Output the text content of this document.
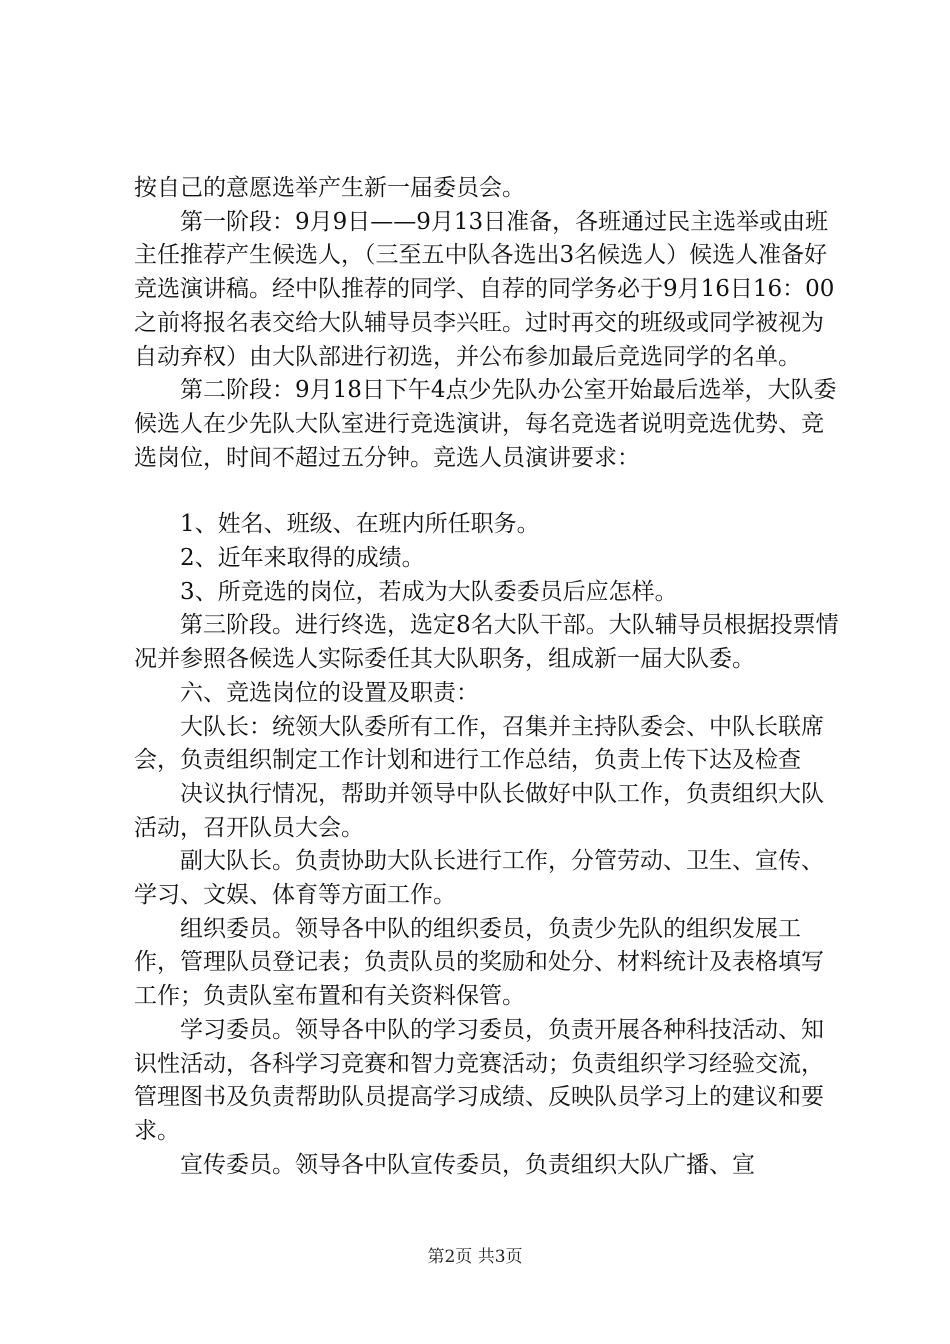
按自己的意愿选举产生新一届委员会。

第一阶段：9月9日——9月13日准备，各班通过民主选举或由班主任推荐产生候选人，（三至五中队各选出3名候选人）候选人准备好竞选演讲稿。经中队推荐的同学、自荐的同学务必于9月16日16：00之前将报名表交给大队辅导员李兴旺。过时再交的班级或同学被视为自动弃权）由大队部进行初选，并公布参加最后竞选同学的名单。

第二阶段：9月18日下午4点少先队办公室开始最后选举，大队委候选人在少先队大队室进行竞选演讲，每名竞选者说明竞选优势、竞选岗位，时间不超过五分钟。竞选人员演讲要求：

1、姓名、班级、在班内所任职务。

2、近年来取得的成绩。

3、所竞选的岗位，若成为大队委委员后应怎样。

第三阶段。进行终选，选定8名大队干部。大队辅导员根据投票情况并参照各候选人实际委任其大队职务，组成新一届大队委。

六、竞选岗位的设置及职责：

大队长：统领大队委所有工作，召集并主持队委会、中队长联席会，负责组织制定工作计划和进行工作总结，负责上传下达及检查

决议执行情况，帮助并领导中队长做好中队工作，负责组织大队活动，召开队员大会。

副大队长。负责协助大队长进行工作，分管劳动、卫生、宣传、学习、文娱、体育等方面工作。

组织委员。领导各中队的组织委员，负责少先队的组织发展工作，管理队员登记表；负责队员的奖励和处分、材料统计及表格填写工作；负责队室布置和有关资料保管。

学习委员。领导各中队的学习委员，负责开展各种科技活动、知识性活动，各科学习竞赛和智力竞赛活动；负责组织学习经验交流，管理图书及负责帮助队员提高学习成绩、反映队员学习上的建议和要求。

宣传委员。领导各中队宣传委员，负责组织大队广播、宣

第2页 共3页
